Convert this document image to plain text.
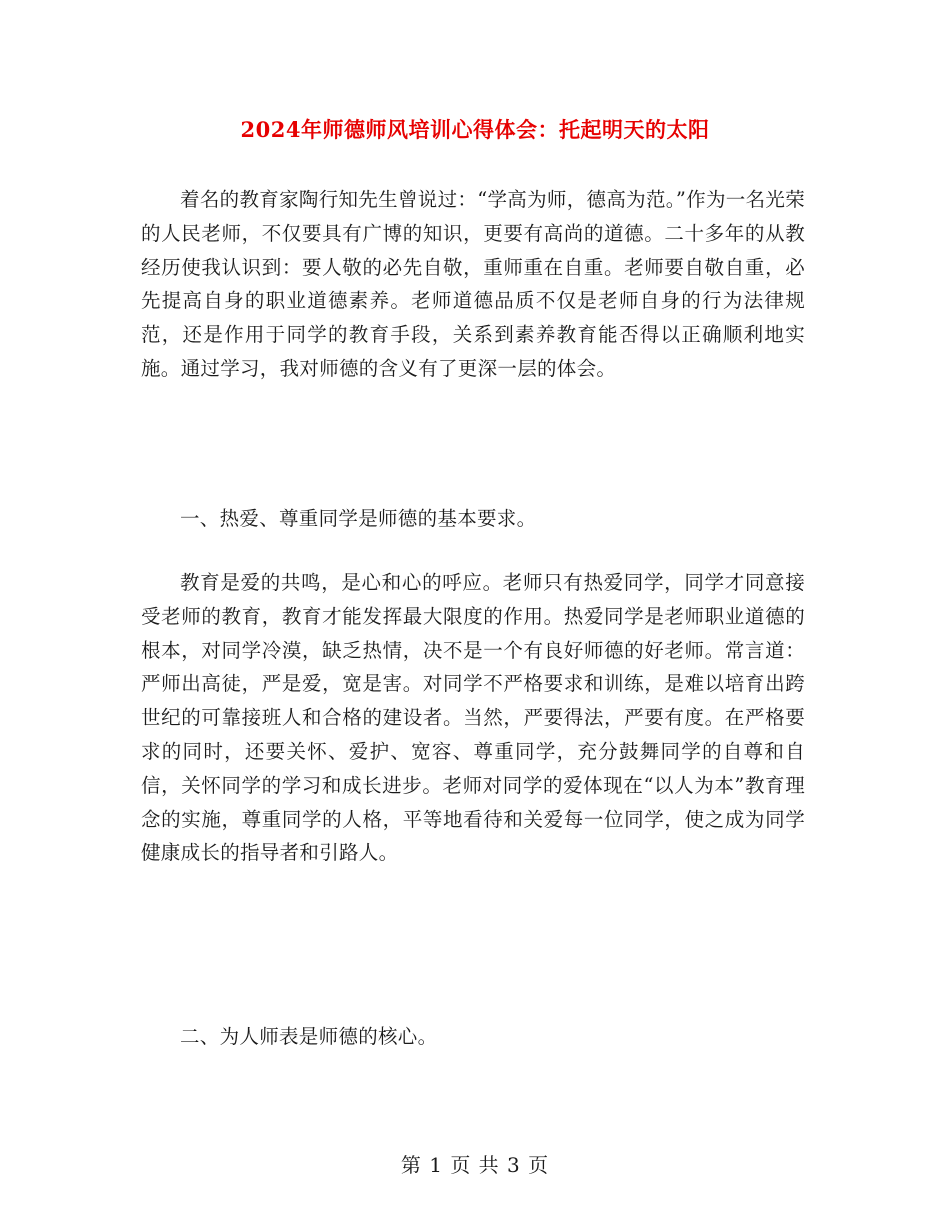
2024年师德师风培训心得体会：托起明天的太阳

着名的教育家陶行知先生曾说过：“学高为师，德高为范。”作为一名光荣的人民老师，不仅要具有广博的知识，更要有高尚的道德。二十多年的从教经历使我认识到：要人敬的必先自敬，重师重在自重。老师要自敬自重，必先提高自身的职业道德素养。老师道德品质不仅是老师自身的行为法律规范，还是作用于同学的教育手段，关系到素养教育能否得以正确顺利地实施。通过学习，我对师德的含义有了更深一层的体会。

一、热爱、尊重同学是师德的基本要求。

教育是爱的共鸣，是心和心的呼应。老师只有热爱同学，同学才同意接受老师的教育，教育才能发挥最大限度的作用。热爱同学是老师职业道德的根本，对同学冷漠，缺乏热情，决不是一个有良好师德的好老师。常言道：严师出高徒，严是爱，宽是害。对同学不严格要求和训练，是难以培育出跨世纪的可靠接班人和合格的建设者。当然，严要得法，严要有度。在严格要求的同时，还要关怀、爱护、宽容、尊重同学，充分鼓舞同学的自尊和自信，关怀同学的学习和成长进步。老师对同学的爱体现在“以人为本”教育理念的实施，尊重同学的人格，平等地看待和关爱每一位同学，使之成为同学健康成长的指导者和引路人。

二、为人师表是师德的核心。

第 1 页 共 3 页
